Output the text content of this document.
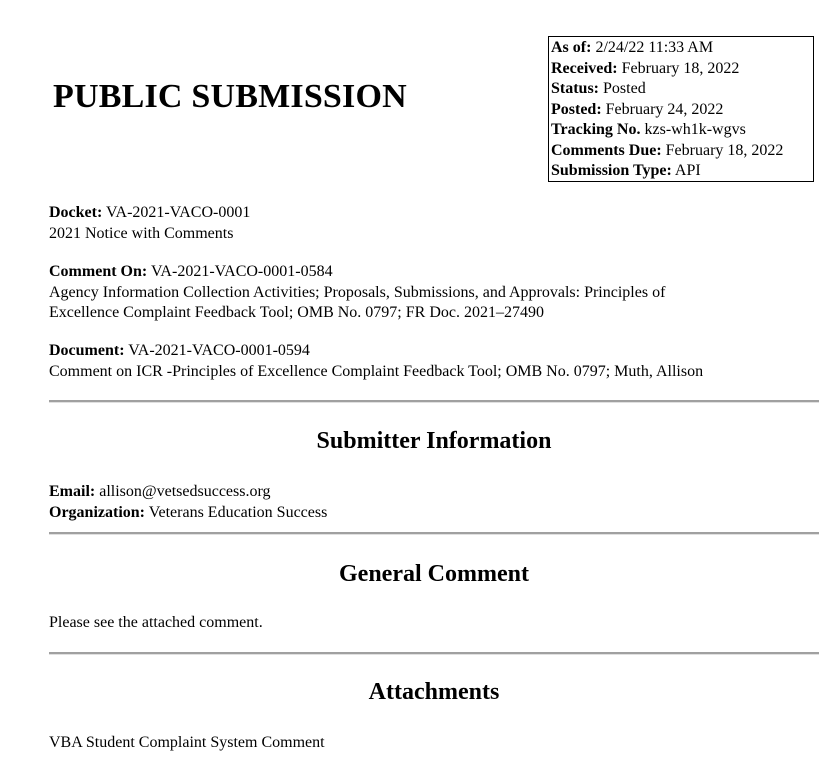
PUBLIC SUBMISSION
As of: 2/24/22 11:33 AM
Received: February 18, 2022
Status: Posted
Posted: February 24, 2022
Tracking No. kzs-wh1k-wgvs
Comments Due: February 18, 2022
Submission Type: API
Docket: VA-2021-VACO-0001
2021 Notice with Comments
Comment On: VA-2021-VACO-0001-0584
Agency Information Collection Activities; Proposals, Submissions, and Approvals: Principles of
Excellence Complaint Feedback Tool; OMB No. 0797; FR Doc. 2021–27490
Document: VA-2021-VACO-0001-0594
Comment on ICR -Principles of Excellence Complaint Feedback Tool; OMB No. 0797; Muth, Allison
Submitter Information
Email: allison@vetsedsuccess.org
Organization: Veterans Education Success
General Comment
Please see the attached comment.
Attachments
VBA Student Complaint System Comment
